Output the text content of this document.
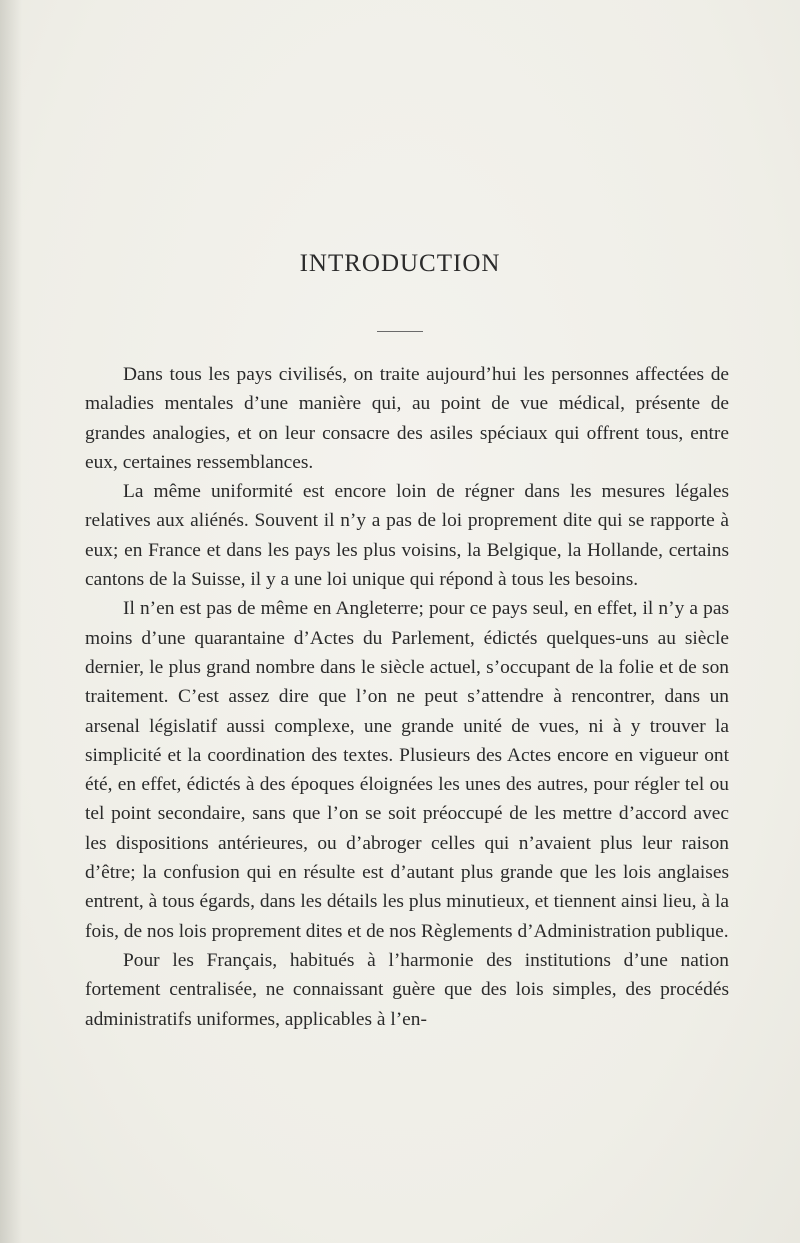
INTRODUCTION

Dans tous les pays civilisés, on traite aujourd’hui les personnes affectées de maladies mentales d’une manière qui, au point de vue médical, présente de grandes analogies, et on leur consacre des asiles spéciaux qui offrent tous, entre eux, certaines ressemblances.

La même uniformité est encore loin de régner dans les mesures légales relatives aux aliénés. Souvent il n’y a pas de loi proprement dite qui se rapporte à eux; en France et dans les pays les plus voisins, la Belgique, la Hollande, certains cantons de la Suisse, il y a une loi unique qui répond à tous les besoins.

Il n’en est pas de même en Angleterre; pour ce pays seul, en effet, il n’y a pas moins d’une quarantaine d’Actes du Parlement, édictés quelques-uns au siècle dernier, le plus grand nombre dans le siècle actuel, s’occupant de la folie et de son traitement. C’est assez dire que l’on ne peut s’attendre à rencontrer, dans un arsenal législatif aussi complexe, une grande unité de vues, ni à y trouver la simplicité et la coordination des textes. Plusieurs des Actes encore en vigueur ont été, en effet, édictés à des époques éloignées les unes des autres, pour régler tel ou tel point secondaire, sans que l’on se soit préoccupé de les mettre d’accord avec les dispositions antérieures, ou d’abroger celles qui n’avaient plus leur raison d’être; la confusion qui en résulte est d’autant plus grande que les lois anglaises entrent, à tous égards, dans les détails les plus minutieux, et tiennent ainsi lieu, à la fois, de nos lois proprement dites et de nos Règlements d’Administration publique.

Pour les Français, habitués à l’harmonie des institutions d’une nation fortement centralisée, ne connaissant guère que des lois simples, des procédés administratifs uniformes, applicables à l’en-
